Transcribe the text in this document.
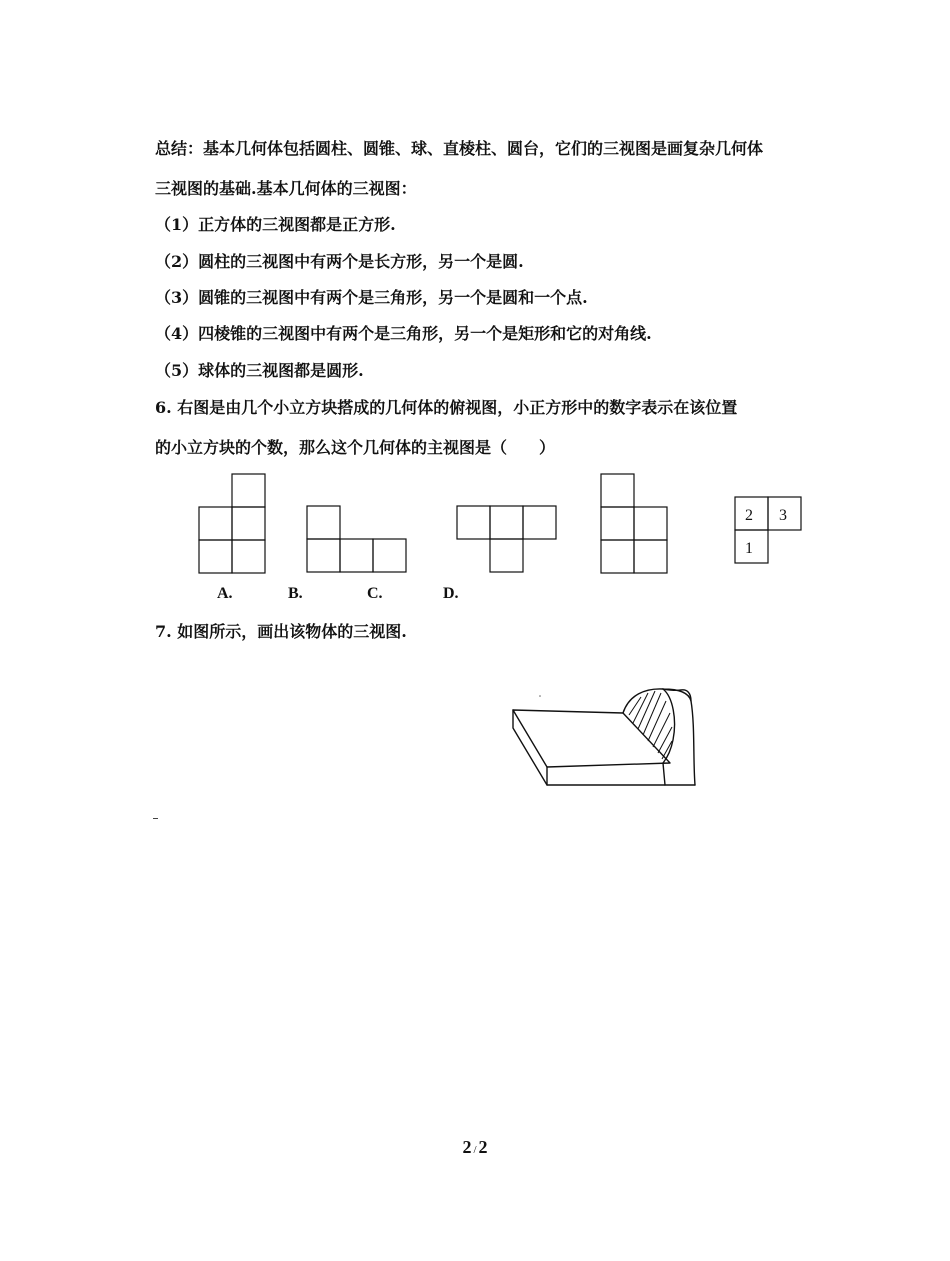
总结：基本几何体包括圆柱、圆锥、球、直棱柱、圆台，它们的三视图是画复杂几何体

三视图的基础.基本几何体的三视图：

（1）正方体的三视图都是正方形.

（2）圆柱的三视图中有两个是长方形，另一个是圆.

（3）圆锥的三视图中有两个是三角形，另一个是圆和一个点.

（4）四棱锥的三视图中有两个是三角形，另一个是矩形和它的对角线.

（5）球体的三视图都是圆形.

6. 右图是由几个小立方块搭成的几何体的俯视图，小正方形中的数字表示在该位置

的小立方块的个数，那么这个几何体的主视图是（　　）

2 3
1
A.	B.	C.	D.

7. 如图所示，画出该物体的三视图.

2 / 2
